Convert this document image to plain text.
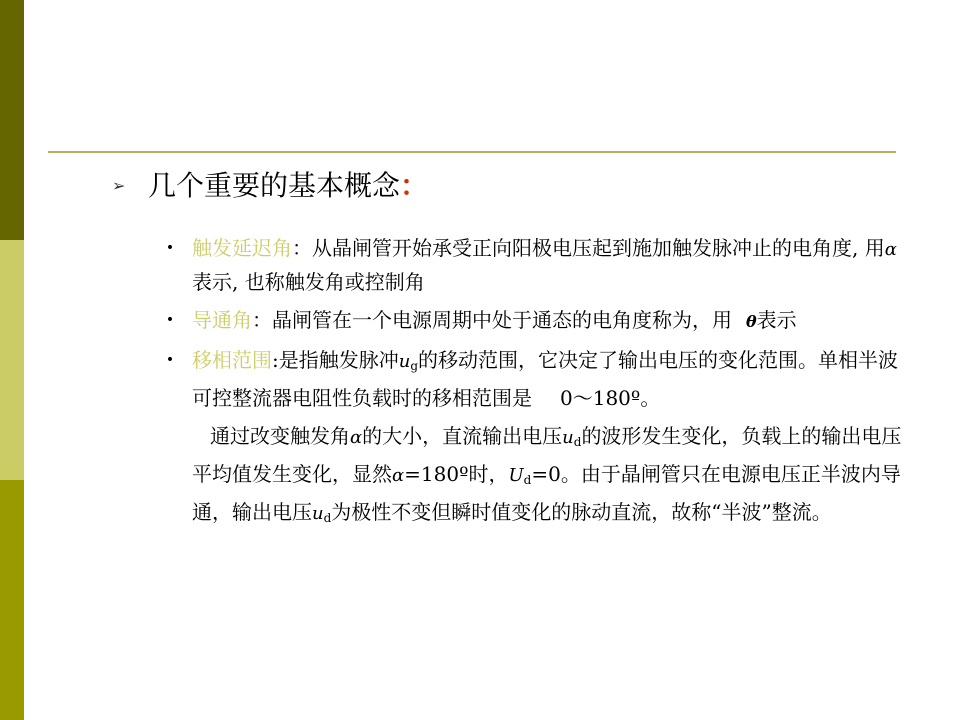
➢ 几个重要的基本概念：
• 触发延迟角：从晶闸管开始承受正向阳极电压起到施加触发脉冲止的电角度, 用α表示, 也称触发角或控制角
• 导通角：晶闸管在一个电源周期中处于通态的电角度称为，用 θ表示
• 移相范围:是指触发脉冲$u_g$的移动范围，它决定了输出电压的变化范围。单相半波可控整流器电阻性负载时的移相范围是 0～180º。
通过改变触发角α的大小，直流输出电压$u_d$的波形发生变化，负载上的输出电压平均值发生变化，显然α=180º时，$U_d=0$。由于晶闸管只在电源电压正半波内导通，输出电压$u_d$为极性不变但瞬时值变化的脉动直流，故称“半波”整流。
